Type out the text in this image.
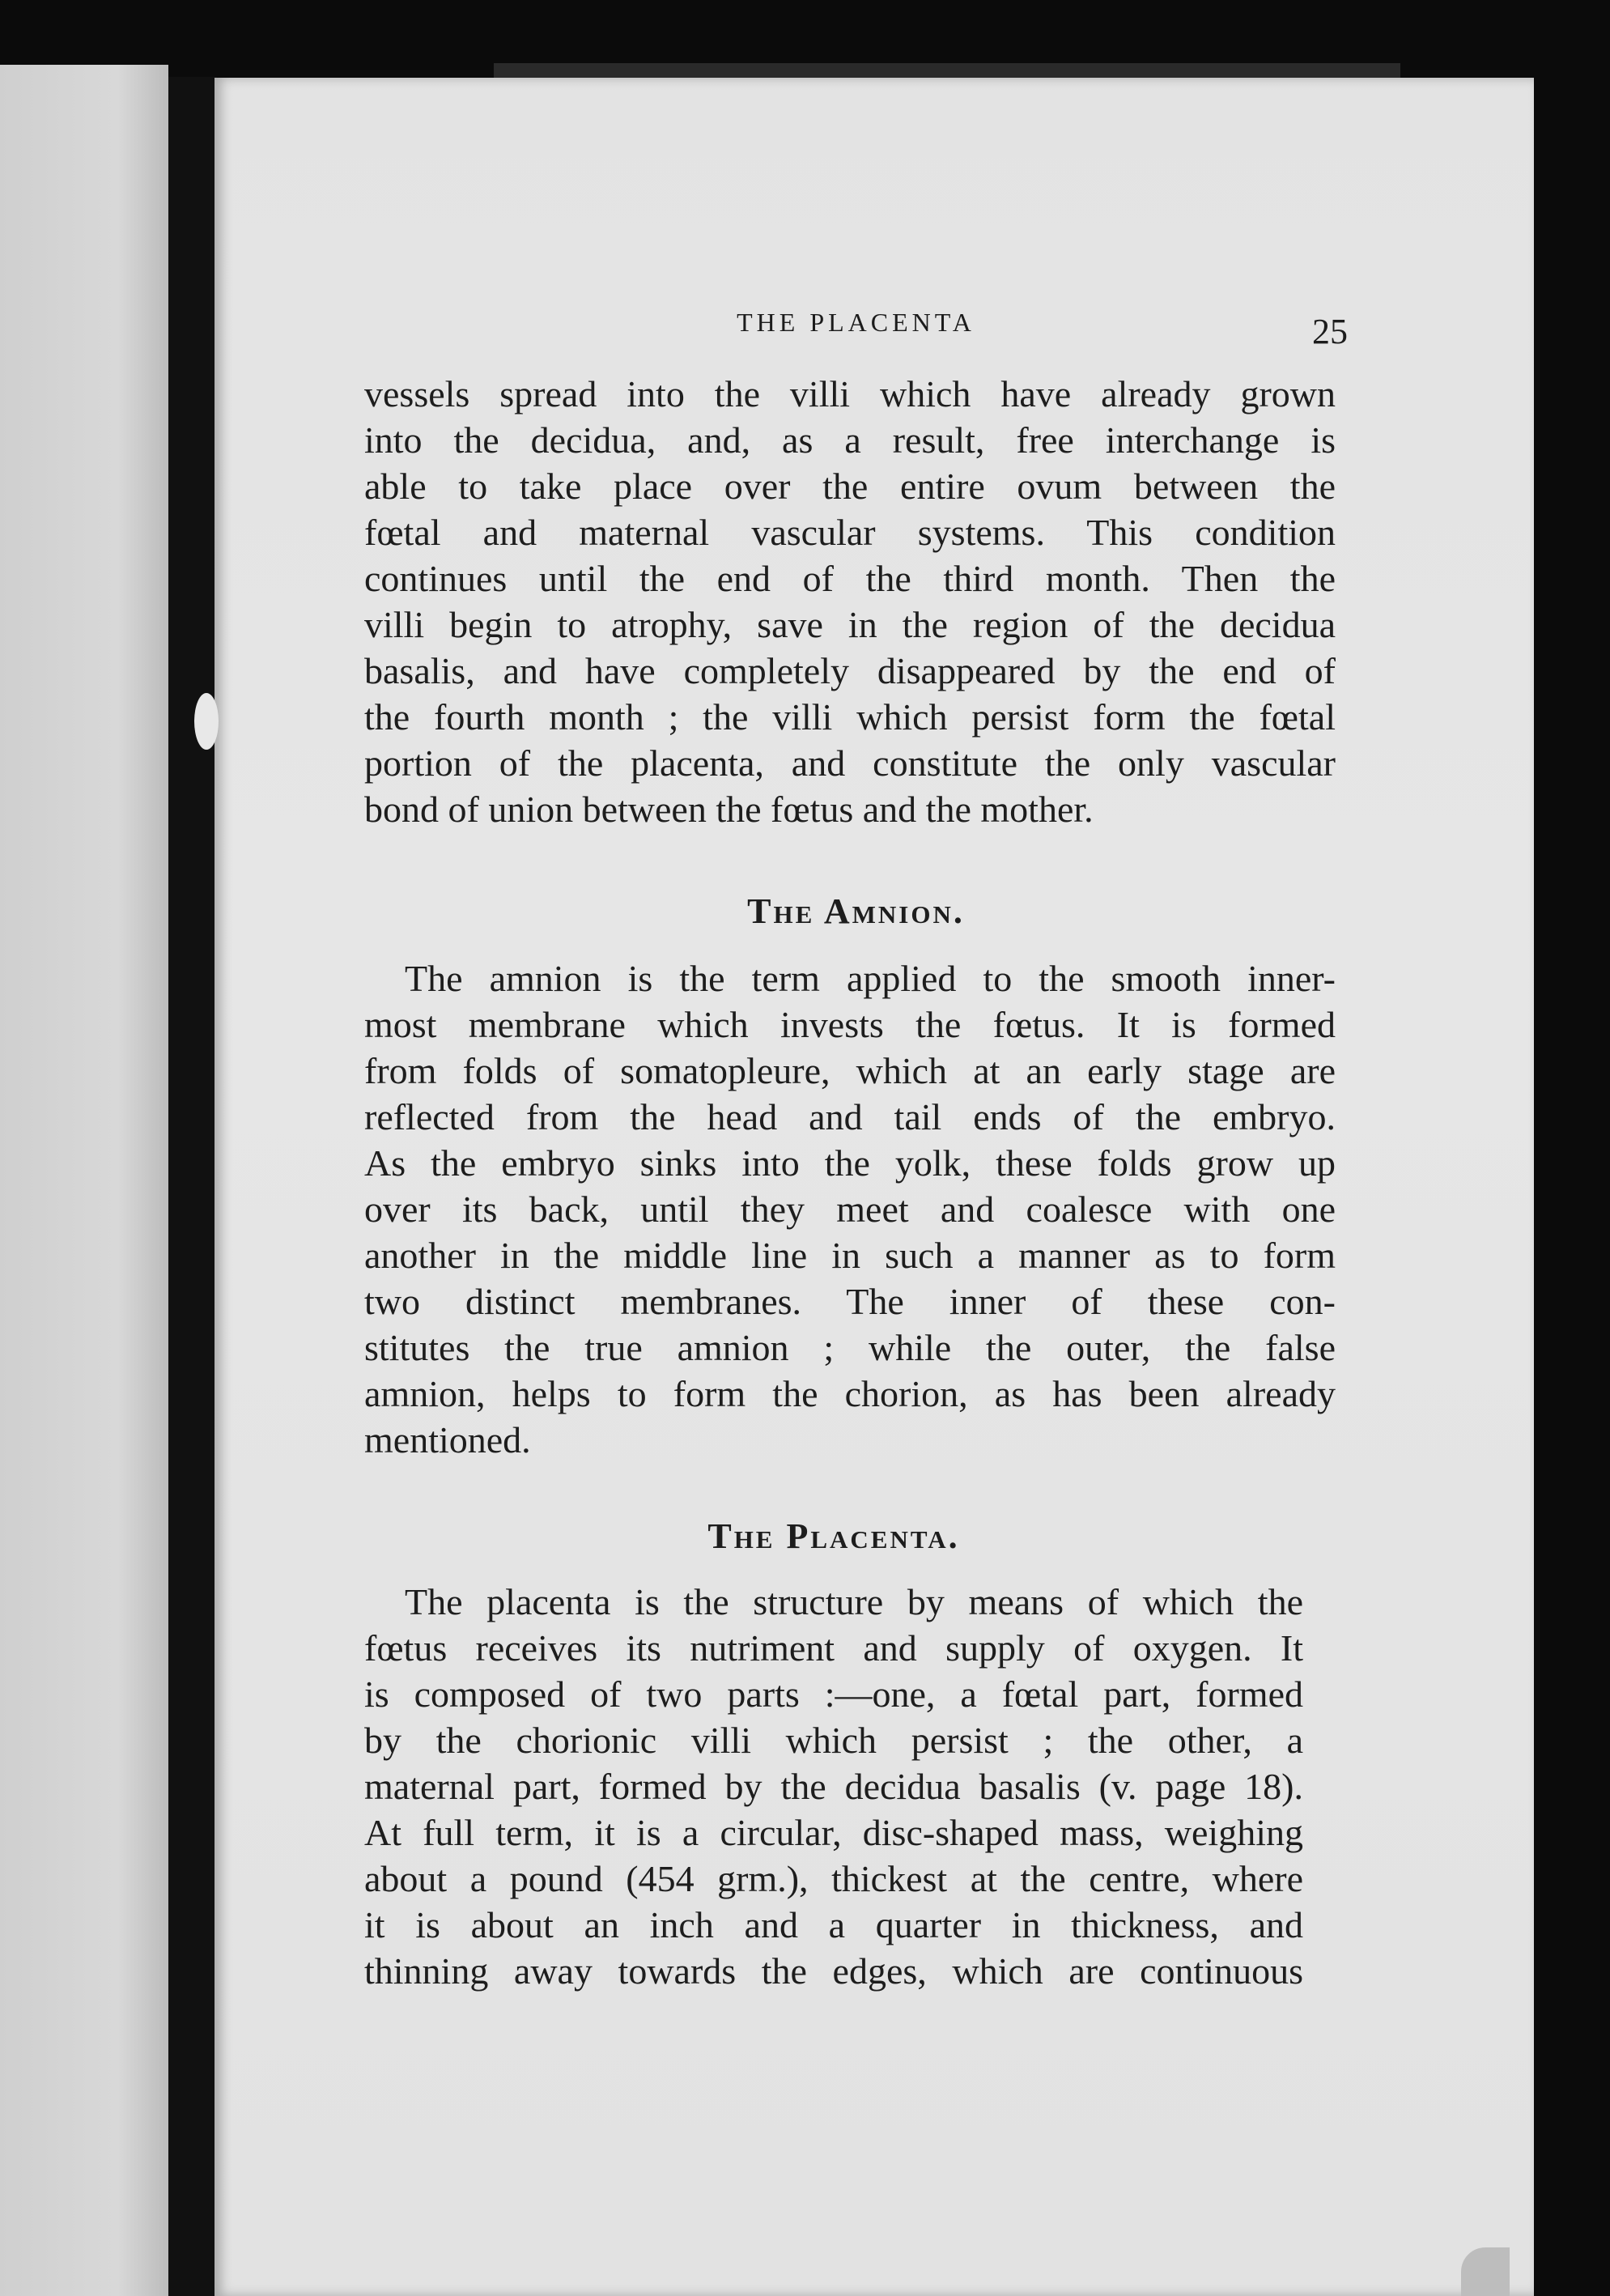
THE PLACENTA	25

vessels spread into the villi which have already grown
into the decidua, and, as a result, free interchange is
able to take place over the entire ovum between the
fœtal and maternal vascular systems. This condition
continues until the end of the third month. Then the
villi begin to atrophy, save in the region of the decidua
basalis, and have completely disappeared by the end of
the fourth month ; the villi which persist form the fœtal
portion of the placenta, and constitute the only vascular
bond of union between the fœtus and the mother.

The Amnion.

The amnion is the term applied to the smooth inner-
most membrane which invests the fœtus. It is formed
from folds of somatopleure, which at an early stage are
reflected from the head and tail ends of the embryo.
As the embryo sinks into the yolk, these folds grow up
over its back, until they meet and coalesce with one
another in the middle line in such a manner as to form
two distinct membranes. The inner of these con-
stitutes the true amnion ; while the outer, the false
amnion, helps to form the chorion, as has been already
mentioned.

The Placenta.

The placenta is the structure by means of which the
fœtus receives its nutriment and supply of oxygen. It
is composed of two parts :—one, a fœtal part, formed
by the chorionic villi which persist ; the other, a
maternal part, formed by the decidua basalis (v. page 18).
At full term, it is a circular, disc-shaped mass, weighing
about a pound (454 grm.), thickest at the centre, where
it is about an inch and a quarter in thickness, and
thinning away towards the edges, which are continuous
